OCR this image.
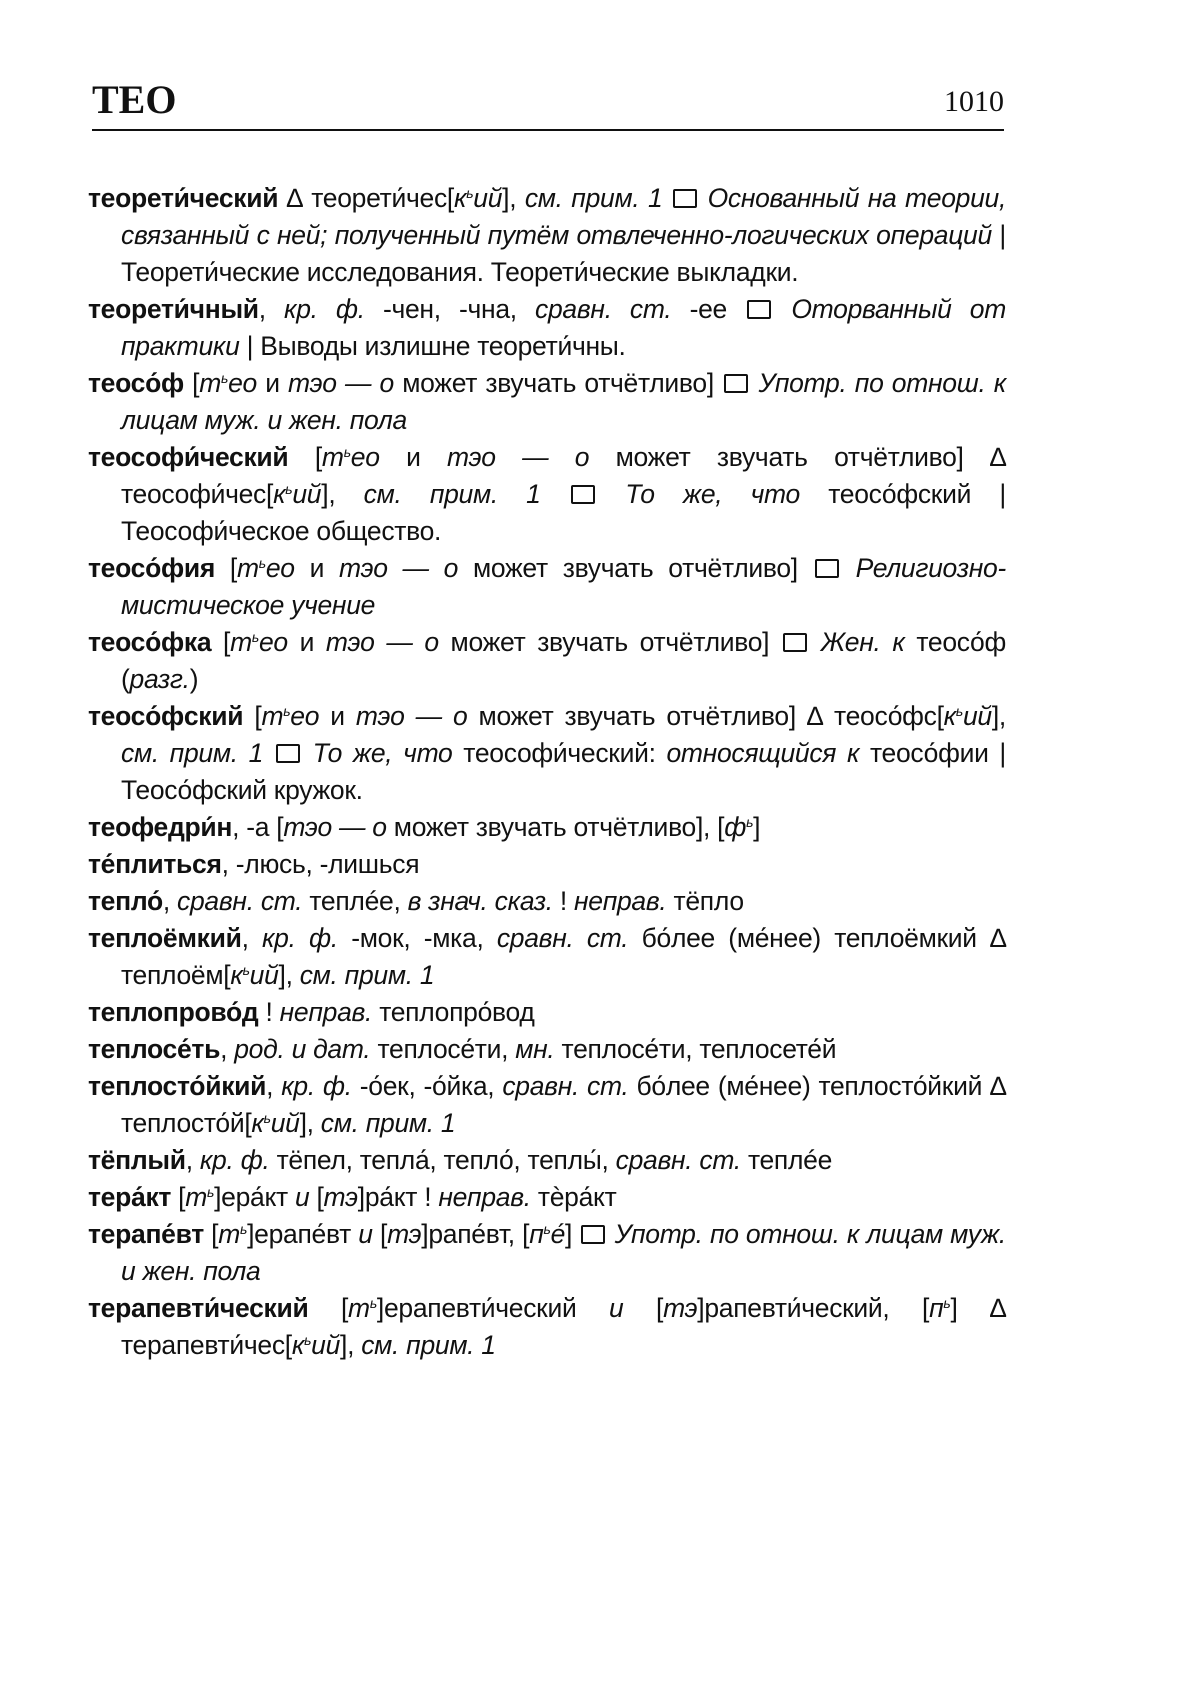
ТЕО	1010
теорети́ческий ∆ $теорети́чес[к^ьий]$, см. прим. 1 Основанный на теории, связанный с ней; полученный путём отвлеченно-логических операций | Теорети́ческие исследования. Теорети́ческие выкладки.
теорети́чный, кр. ф. -чен, -чна, сравн. ст. -ее  Оторванный от практики | Выводы излишне теорети́чны.
теосо́ф [$т^ьео$ и тэо — о может звучать отчётливо]  Употр. по отнош. к лицам муж. и жен. пола
теософи́ческий [$т^ьео$ и тэо — о может звучать отчётливо] ∆ $теософи́чес[к^ьий]$, см. прим. 1	То же, что теосо́фский | Теософи́ческое общество.
теосо́фия [$т^ьео$ и тэо — о может звучать отчётливо]  Религиозно-мистическое учение
теосо́фка [$т^ьео$ и тэо — о может звучать отчётливо]  Жен. к теосо́ф (разг.)
теосо́фский [$т^ьео$ и тэо — о может звучать отчётливо] ∆ $теосо́фс[к^ьий]$, см. прим. 1 То же, что теософи́ческий: относящийся к теосо́фии | Теосо́фский кружок.
теофедри́н, -а [тэо — о может звучать отчётливо], $[ф^ь]$
те́плиться, -люсь, -лишься
тепло́, сравн. ст. теплée, в знач. сказ. ! неправ. тёпло
теплоёмкий, кр. ф. -мок, -мка, сравн. ст. бо́лее (ме́нее) теплоёмкий ∆ $теплоём[к^ьий]$, см. прим. 1
теплопрово́д ! неправ. теплопро́вод
теплосе́ть, род. и дат. теплосе́ти, мн. теплосе́ти, теплосете́й
теплосто́йкий, кр. ф. -о́ек, -о́йка, сравн. ст. бо́лее (ме́нее) теплосто́йкий ∆ $теплосто́й[к^ьий]$, см. прим. 1
тёплый, кр. ф. тёпел, тепла́, тепло́, теплы́, сравн. ст. теплée
тера́кт $[т^ь]ера́кт$ и [тэ]ра́кт ! неправ. тѐра́кт
терапе́вт $[т^ь]ерапе́вт$ и [тэ]рапе́вт, $[п^ье́]$  Употр. по отнош. к лицам муж. и жен. пола
терапевти́ческий $[т^ь]ерапевти́ческий$ и [тэ]рапевти́ческий, $[п^ь]$ ∆ $терапевти́чес[к^ьий]$, см. прим. 1
